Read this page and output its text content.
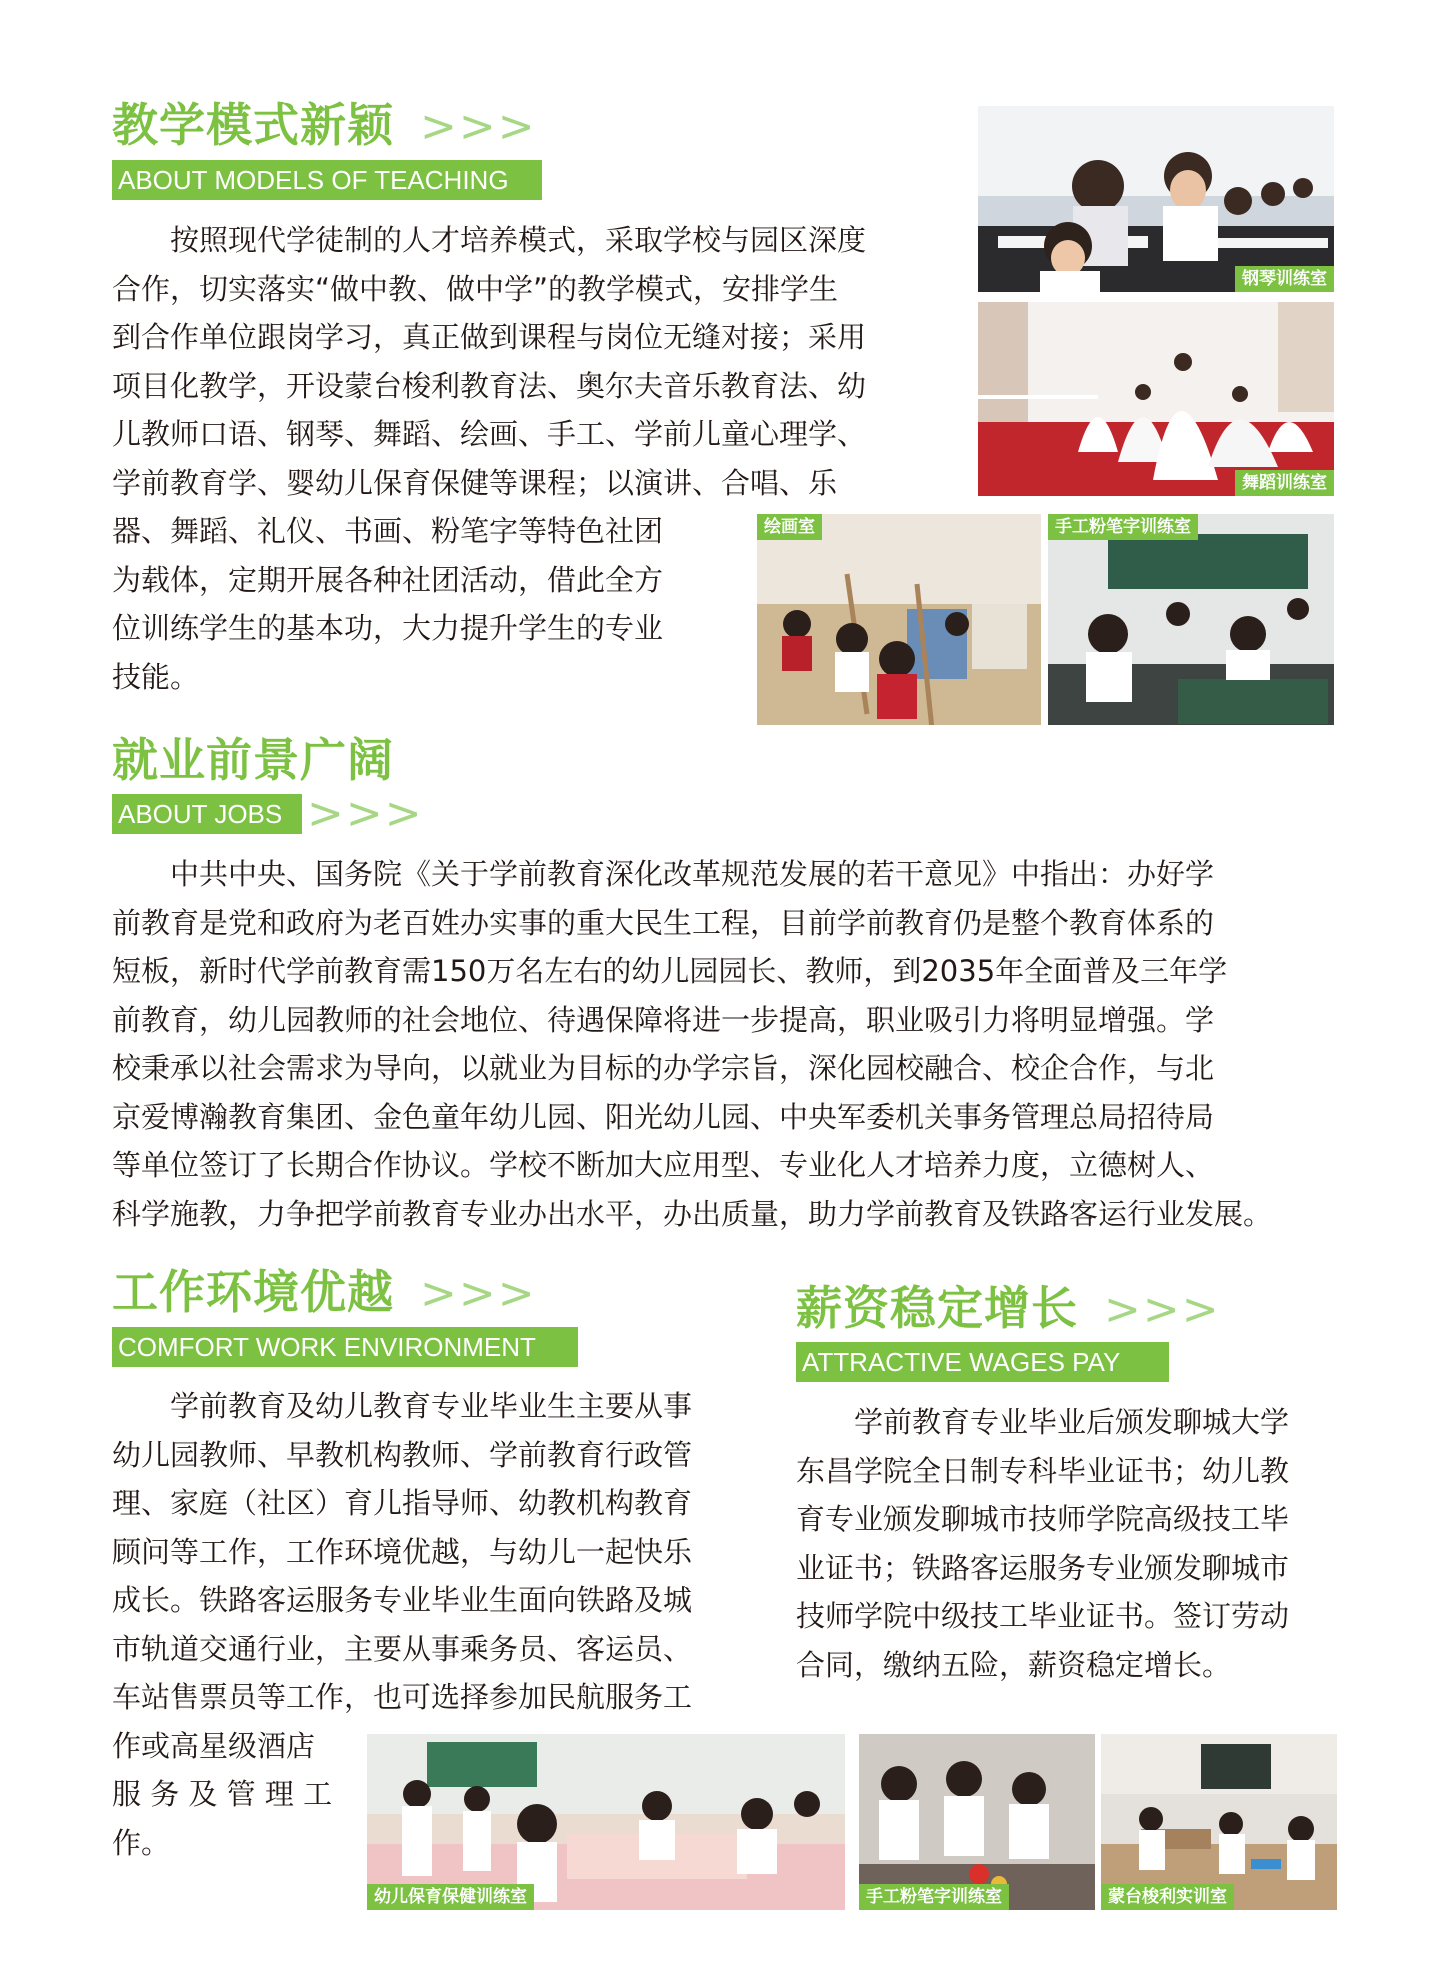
教学模式新颖 >>>
ABOUT MODELS OF TEACHING

　　按照现代学徒制的人才培养模式，采取学校与园区深度

合作，切实落实“做中教、做中学”的教学模式，安排学生

到合作单位跟岗学习，真正做到课程与岗位无缝对接；采用

项目化教学，开设蒙台梭利教育法、奥尔夫音乐教育法、幼

儿教师口语、钢琴、舞蹈、绘画、手工、学前儿童心理学、

学前教育学、婴幼儿保育保健等课程；以演讲、合唱、乐

器、舞蹈、礼仪、书画、粉笔字等特色社团

为载体，定期开展各种社团活动，借此全方

位训练学生的基本功，大力提升学生的专业

技能。

钢琴训练室
舞蹈训练室
绘画室	手工粉笔字训练室
就业前景广阔
ABOUT JOBS >>>

　　中共中央、国务院《关于学前教育深化改革规范发展的若干意见》中指出：办好学

前教育是党和政府为老百姓办实事的重大民生工程，目前学前教育仍是整个教育体系的

短板，新时代学前教育需150万名左右的幼儿园园长、教师，到2035年全面普及三年学

前教育，幼儿园教师的社会地位、待遇保障将进一步提高，职业吸引力将明显增强。学

校秉承以社会需求为导向，以就业为目标的办学宗旨，深化园校融合、校企合作，与北

京爱博瀚教育集团、金色童年幼儿园、阳光幼儿园、中央军委机关事务管理总局招待局

等单位签订了长期合作协议。学校不断加大应用型、专业化人才培养力度，立德树人、

科学施教，力争把学前教育专业办出水平，办出质量，助力学前教育及铁路客运行业发展。

工作环境优越 >>>
COMFORT WORK ENVIRONMENT

　　学前教育及幼儿教育专业毕业生主要从事

幼儿园教师、早教机构教师、学前教育行政管

理、家庭（社区）育儿指导师、幼教机构教育

顾问等工作，工作环境优越，与幼儿一起快乐

成长。铁路客运服务专业毕业生面向铁路及城

市轨道交通行业，主要从事乘务员、客运员、

车站售票员等工作，也可选择参加民航服务工

作或高星级酒店

服 务 及 管 理 工

作。

薪资稳定增长 >>>
ATTRACTIVE WAGES PAY

　　学前教育专业毕业后颁发聊城大学

东昌学院全日制专科毕业证书；幼儿教

育专业颁发聊城市技师学院高级技工毕

业证书；铁路客运服务专业颁发聊城市

技师学院中级技工毕业证书。签订劳动

合同，缴纳五险，薪资稳定增长。

幼儿保育保健训练室	手工粉笔字训练室	蒙台梭利实训室
